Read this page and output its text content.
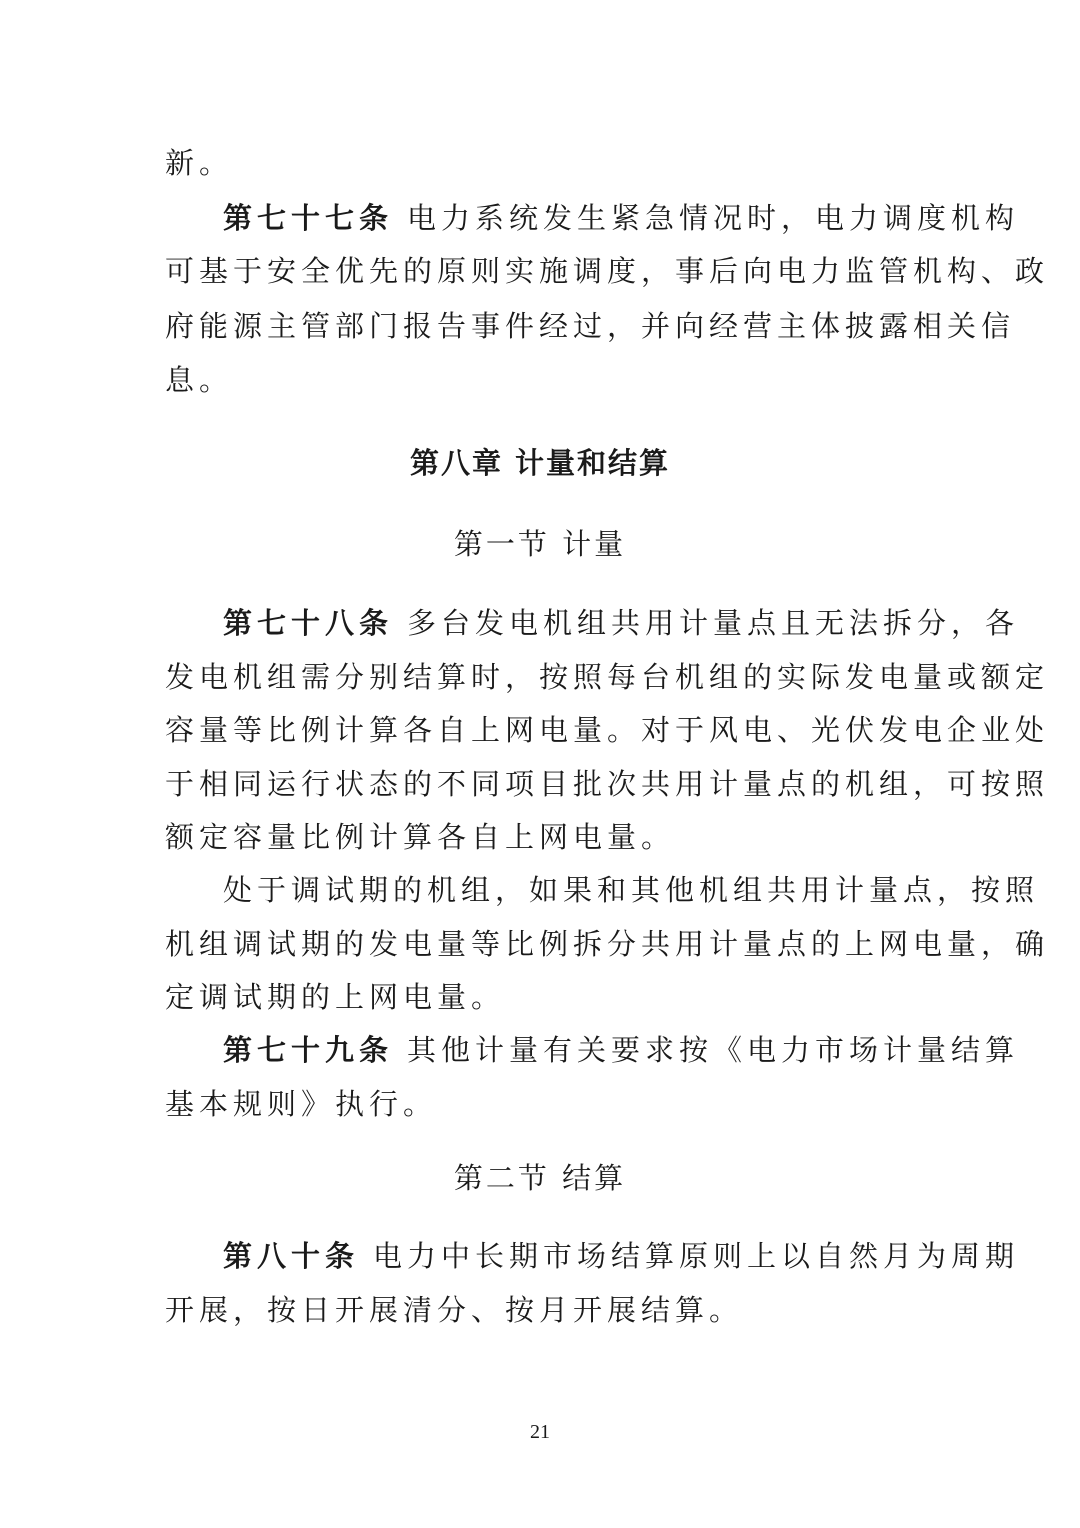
新。
第七十七条 电力系统发生紧急情况时，电力调度机构
可基于安全优先的原则实施调度，事后向电力监管机构、政
府能源主管部门报告事件经过，并向经营主体披露相关信
息。
第八章 计量和结算
第一节 计量
第七十八条 多台发电机组共用计量点且无法拆分，各
发电机组需分别结算时，按照每台机组的实际发电量或额定
容量等比例计算各自上网电量。对于风电、光伏发电企业处
于相同运行状态的不同项目批次共用计量点的机组，可按照
额定容量比例计算各自上网电量。
处于调试期的机组，如果和其他机组共用计量点，按照
机组调试期的发电量等比例拆分共用计量点的上网电量，确
定调试期的上网电量。
第七十九条 其他计量有关要求按《电力市场计量结算
基本规则》执行。
第二节 结算
第八十条 电力中长期市场结算原则上以自然月为周期
开展，按日开展清分、按月开展结算。
21
